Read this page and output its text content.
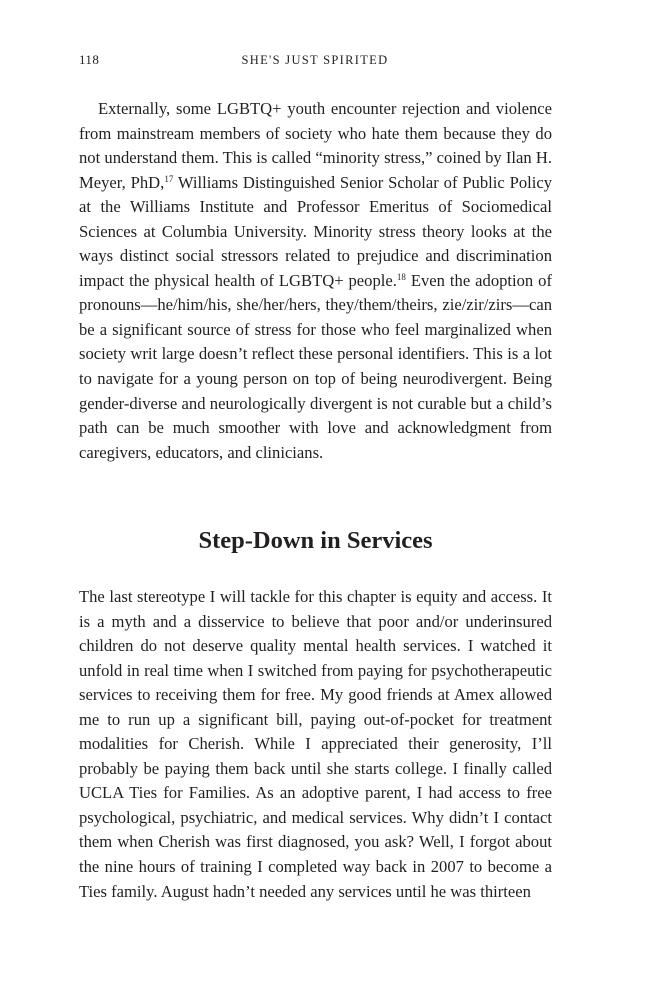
118	SHE'S JUST SPIRITED

Externally, some LGBTQ+ youth encounter rejection and violence from mainstream members of society who hate them because they do not understand them. This is called “minority stress,” coined by Ilan H. Meyer, PhD,$^{17}$ Williams Distinguished Senior Scholar of Public Policy at the Williams Institute and Professor Emeritus of Sociomedical Sciences at Columbia University. Minority stress theory looks at the ways distinct social stressors related to prejudice and discrimination impact the physical health of LGBTQ+ people.$^{18}$ Even the adoption of pronouns—he/him/his, she/her/hers, they/them/theirs, zie/zir/zirs—can be a significant source of stress for those who feel marginalized when society writ large doesn’t reflect these personal identifiers. This is a lot to navigate for a young person on top of being neurodivergent. Being gender-diverse and neurologically divergent is not curable but a child’s path can be much smoother with love and acknowledgment from caregivers, educators, and clinicians.

Step-Down in Services

The last stereotype I will tackle for this chapter is equity and access. It is a myth and a disservice to believe that poor and/or underinsured children do not deserve quality mental health services. I watched it unfold in real time when I switched from paying for psychotherapeutic services to receiving them for free. My good friends at Amex allowed me to run up a significant bill, paying out-of-pocket for treatment modalities for Cherish. While I appreciated their generosity, I’ll probably be paying them back until she starts college. I finally called UCLA Ties for Families. As an adoptive parent, I had access to free psychological, psychiatric, and medical services. Why didn’t I contact them when Cherish was first diagnosed, you ask? Well, I forgot about the nine hours of training I completed way back in 2007 to become a Ties family. August hadn’t needed any services until he was thirteen
